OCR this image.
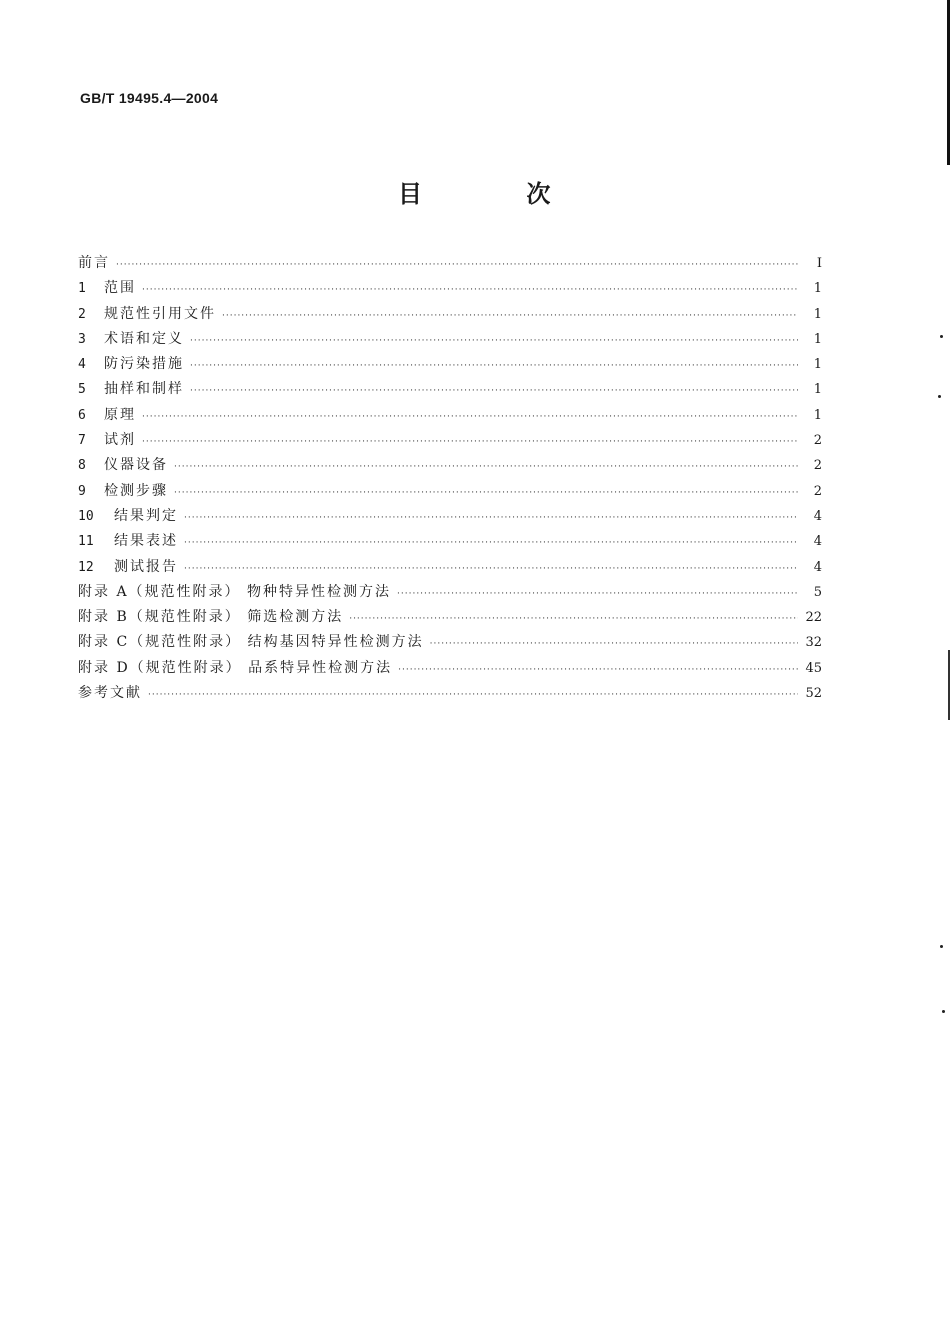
GB/T 19495.4—2004
目 次
前言 ·····	I
1	范围 ·····	1
2	规范性引用文件 ·····	1
3	术语和定义 ·····	1
4	防污染措施 ·····	1
5	抽样和制样 ·····	1
6	原理 ·····	1
7	试剂 ·····	2
8	仪器设备 ·····	2
9	检测步骤 ·····	2
10	结果判定 ·····	4
11	结果表述 ·····	4
12	测试报告 ·····	4
附录 A（规范性附录） 物种特异性检测方法 ·····	5
附录 B（规范性附录） 筛选检测方法 ·····	22
附录 C（规范性附录） 结构基因特异性检测方法 ·····	32
附录 D（规范性附录） 品系特异性检测方法 ·····	45
参考文献 ·····	52
